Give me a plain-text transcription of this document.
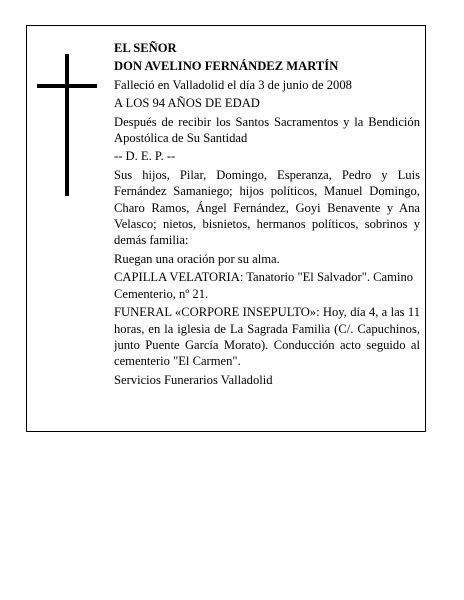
EL SEÑOR

DON AVELINO FERNÁNDEZ MARTÍN

Falleció en Valladolid el día 3 de junio de 2008

A LOS 94 AÑOS DE EDAD

Después de recibir los Santos Sacramentos y la Bendición Apostólica de Su Santidad

-- D. E. P. --

Sus hijos, Pilar, Domingo, Esperanza, Pedro y Luis Fernández Samaniego; hijos políticos, Manuel Domingo, Charo Ramos, Ángel Fernández, Goyi Benavente y Ana Velasco; nietos, bisnietos, hermanos políticos, sobrinos y demás familia:

Ruegan una oración por su alma.

CAPILLA VELATORIA: Tanatorio "El Salvador". Camino Cementerio, nº 21.

FUNERAL «CORPORE INSEPULTO»: Hoy, día 4, a las 11 horas, en la iglesia de La Sagrada Familia (C/. Capuchinos, junto Puente García Morato). Conducción acto seguido al cementerio "El Carmen".

Servicios Funerarios Valladolid
